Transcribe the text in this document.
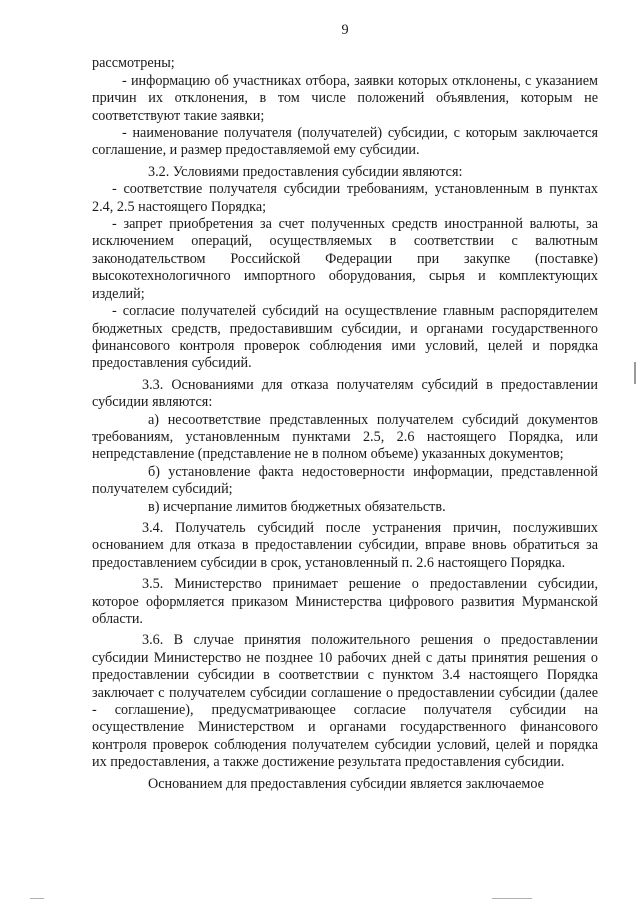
9

рассмотрены;

- информацию об участниках отбора, заявки которых отклонены, с указанием причин их отклонения, в том числе положений объявления, которым не соответствуют такие заявки;

- наименование получателя (получателей) субсидии, с которым заключается соглашение, и размер предоставляемой ему субсидии.

3.2. Условиями предоставления субсидии являются:

- соответствие получателя субсидии требованиям, установленным в пунктах 2.4, 2.5 настоящего Порядка;

- запрет приобретения за счет полученных средств иностранной валюты, за исключением операций, осуществляемых в соответствии с валютным законодательством Российской Федерации при закупке (поставке) высокотехнологичного импортного оборудования, сырья и комплектующих изделий;

- согласие получателей субсидий на осуществление главным распорядителем бюджетных средств, предоставившим субсидии, и органами государственного финансового контроля проверок соблюдения ими условий, целей и порядка предоставления субсидий.

3.3. Основаниями для отказа получателям субсидий в предоставлении субсидии являются:

а) несоответствие представленных получателем субсидий документов требованиям, установленным пунктами 2.5, 2.6 настоящего Порядка, или непредставление (представление не в полном объеме) указанных документов;

б) установление факта недостоверности информации, представленной получателем субсидий;

в) исчерпание лимитов бюджетных обязательств.

3.4. Получатель субсидий после устранения причин, послуживших основанием для отказа в предоставлении субсидии, вправе вновь обратиться за предоставлением субсидии в срок, установленный п. 2.6 настоящего Порядка.

3.5. Министерство принимает решение о предоставлении субсидии, которое оформляется приказом Министерства цифрового развития Мурманской области.

3.6. В случае принятия положительного решения о предоставлении субсидии Министерство не позднее 10 рабочих дней с даты принятия решения о предоставлении субсидии в соответствии с пунктом 3.4 настоящего Порядка заключает с получателем субсидии соглашение о предоставлении субсидии (далее - соглашение), предусматривающее согласие получателя субсидии на осуществление Министерством и органами государственного финансового контроля проверок соблюдения получателем субсидии условий, целей и порядка их предоставления, а также достижение результата предоставления субсидии.

Основанием для предоставления субсидии является заключаемое
